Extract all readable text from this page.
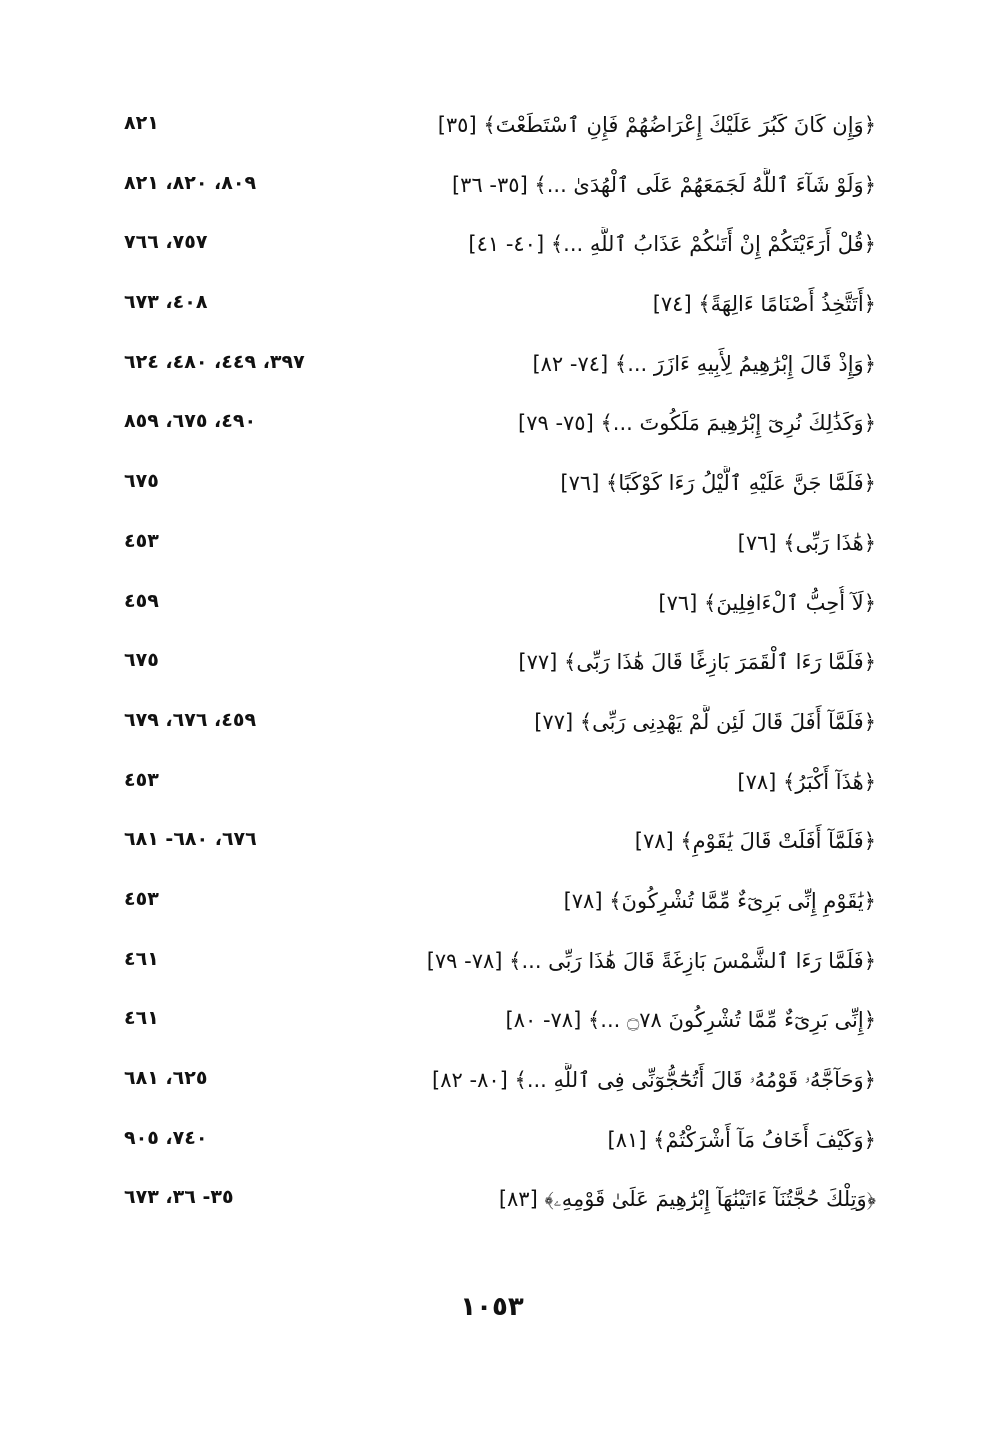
﴿وَإِن كَانَ كَبُرَ عَلَيْكَ إِعْرَاضُهُمْ فَإِنِ ٱسْتَطَعْتَ﴾ [٣٥]
٨٢١
﴿وَلَوْ شَآءَ ٱللَّهُ لَجَمَعَهُمْ عَلَى ٱلْهُدَىٰ ...﴾ [٣٥- ٣٦]
٨٠٩، ٨٢٠، ٨٢١
﴿قُلْ أَرَءَيْتَكُمْ إِنْ أَتَىٰكُمْ عَذَابُ ٱللَّهِ ...﴾ [٤٠- ٤١]
٧٥٧، ٧٦٦
﴿أَتَتَّخِذُ أَصْنَامًا ءَالِهَةً﴾ [٧٤]
٤٠٨، ٦٧٣
﴿وَإِذْ قَالَ إِبْرَٰهِيمُ لِأَبِيهِ ءَازَرَ ...﴾ [٧٤- ٨٢]
٣٩٧، ٤٤٩، ٤٨٠، ٦٢٤
﴿وَكَذَٰلِكَ نُرِىٓ إِبْرَٰهِيمَ مَلَكُوتَ ...﴾ [٧٥- ٧٩]
٤٩٠، ٦٧٥، ٨٥٩
﴿فَلَمَّا جَنَّ عَلَيْهِ ٱلَّيْلُ رَءَا كَوْكَبًا﴾ [٧٦]
٦٧٥
﴿هَٰذَا رَبِّى﴾ [٧٦]
٤٥٣
﴿لَآ أُحِبُّ ٱلْءَافِلِينَ﴾ [٧٦]
٤٥٩
﴿فَلَمَّا رَءَا ٱلْقَمَرَ بَازِغًا قَالَ هَٰذَا رَبِّى﴾ [٧٧]
٦٧٥
﴿فَلَمَّآ أَفَلَ قَالَ لَئِن لَّمْ يَهْدِنِى رَبِّى﴾ [٧٧]
٤٥٩، ٦٧٦، ٦٧٩
﴿هَٰذَآ أَكْبَرُ﴾ [٧٨]
٤٥٣
﴿فَلَمَّآ أَفَلَتْ قَالَ يَٰقَوْمِ﴾ [٧٨]
٦٧٦، ٦٨٠- ٦٨١
﴿يَٰقَوْمِ إِنِّى بَرِىٓءٌ مِّمَّا تُشْرِكُونَ﴾ [٧٨]
٤٥٣
﴿فَلَمَّا رَءَا ٱلشَّمْسَ بَازِغَةً قَالَ هَٰذَا رَبِّى ...﴾ [٧٨- ٧٩]
٤٦١
﴿إِنِّى بَرِىٓءٌ مِّمَّا تُشْرِكُونَ ۝٧٨ ...﴾ [٧٨- ٨٠]
٤٦١
﴿وَحَآجَّهُۥ قَوْمُهُۥ قَالَ أَتُحَٰٓجُّوٓنِّى فِى ٱللَّهِ ...﴾ [٨٠- ٨٢]
٦٢٥، ٦٨١
﴿وَكَيْفَ أَخَافُ مَآ أَشْرَكْتُمْ﴾ [٨١]
٧٤٠، ٩٠٥
﴿وَتِلْكَ حُجَّتُنَآ ءَاتَيْنَٰهَآ إِبْرَٰهِيمَ عَلَىٰ قَوْمِهِۦ﴾ [٨٣]
٣٥- ٣٦، ٦٧٣
١٠٥٣
